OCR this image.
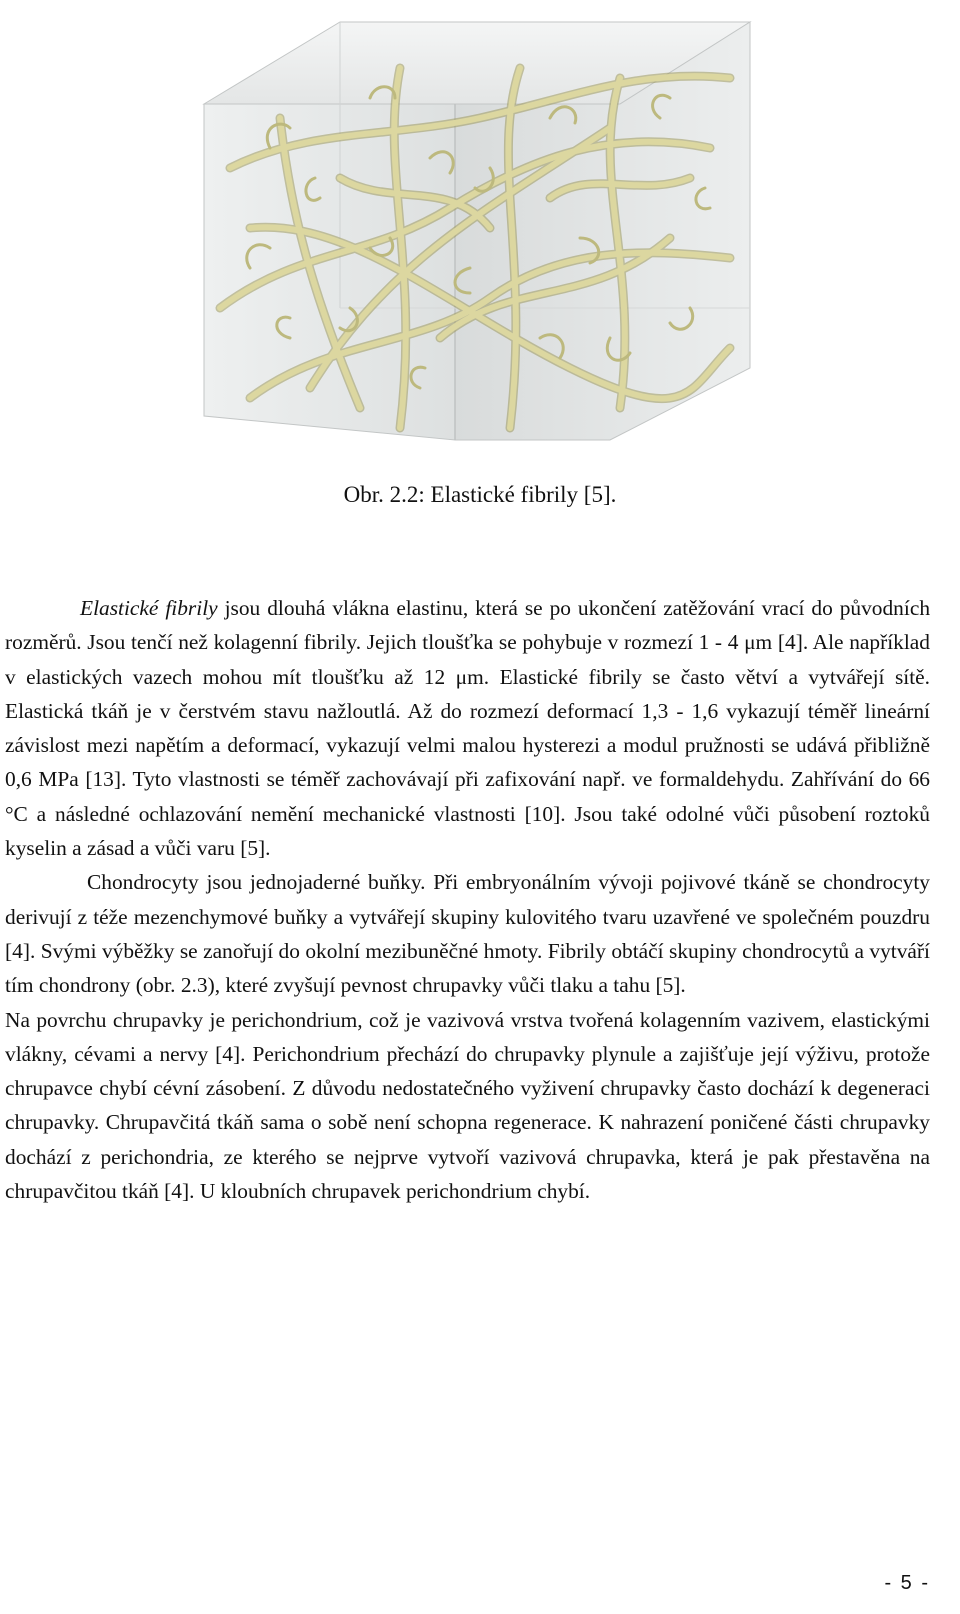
Obr. 2.2: Elastické fibrily [5].

Elastické fibrily jsou dlouhá vlákna elastinu, která se po ukončení zatěžování vrací do původních rozměrů. Jsou tenčí než kolagenní fibrily. Jejich tloušťka se pohybuje v rozmezí 1 - 4 μm [4]. Ale například v elastických vazech mohou mít tloušťku až 12 μm. Elastické fibrily se často větví a vytvářejí sítě. Elastická tkáň je v čerstvém stavu nažloutlá. Až do rozmezí deformací 1,3 - 1,6 vykazují téměř lineární závislost mezi napětím a deformací, vykazují velmi malou hysterezi a modul pružnosti se udává přibližně 0,6 MPa [13]. Tyto vlastnosti se téměř zachovávají při zafixování např. ve formaldehydu. Zahřívání do 66 °C a následné ochlazování nemění mechanické vlastnosti [10]. Jsou také odolné vůči působení roztoků kyselin a zásad a vůči varu [5].

Chondrocyty jsou jednojaderné buňky. Při embryonálním vývoji pojivové tkáně se chondrocyty derivují z téže mezenchymové buňky a vytvářejí skupiny kulovitého tvaru uzavřené ve společném pouzdru [4]. Svými výběžky se zanořují do okolní mezibuněčné hmoty. Fibrily obtáčí skupiny chondrocytů a vytváří tím chondrony (obr. 2.3), které zvyšují pevnost chrupavky vůči tlaku a tahu [5].

Na povrchu chrupavky je perichondrium, což je vazivová vrstva tvořená kolagenním vazivem, elastickými vlákny, cévami a nervy [4]. Perichondrium přechází do chrupavky plynule a zajišťuje její výživu, protože chrupavce chybí cévní zásobení. Z důvodu nedostatečného vyživení chrupavky často dochází k degeneraci chrupavky. Chrupavčitá tkáň sama o sobě není schopna regenerace. K nahrazení poničené části chrupavky dochází z perichondria, ze kterého se nejprve vytvoří vazivová chrupavka, která je pak přestavěna na chrupavčitou tkáň [4]. U kloubních chrupavek perichondrium chybí.

- 5 -
